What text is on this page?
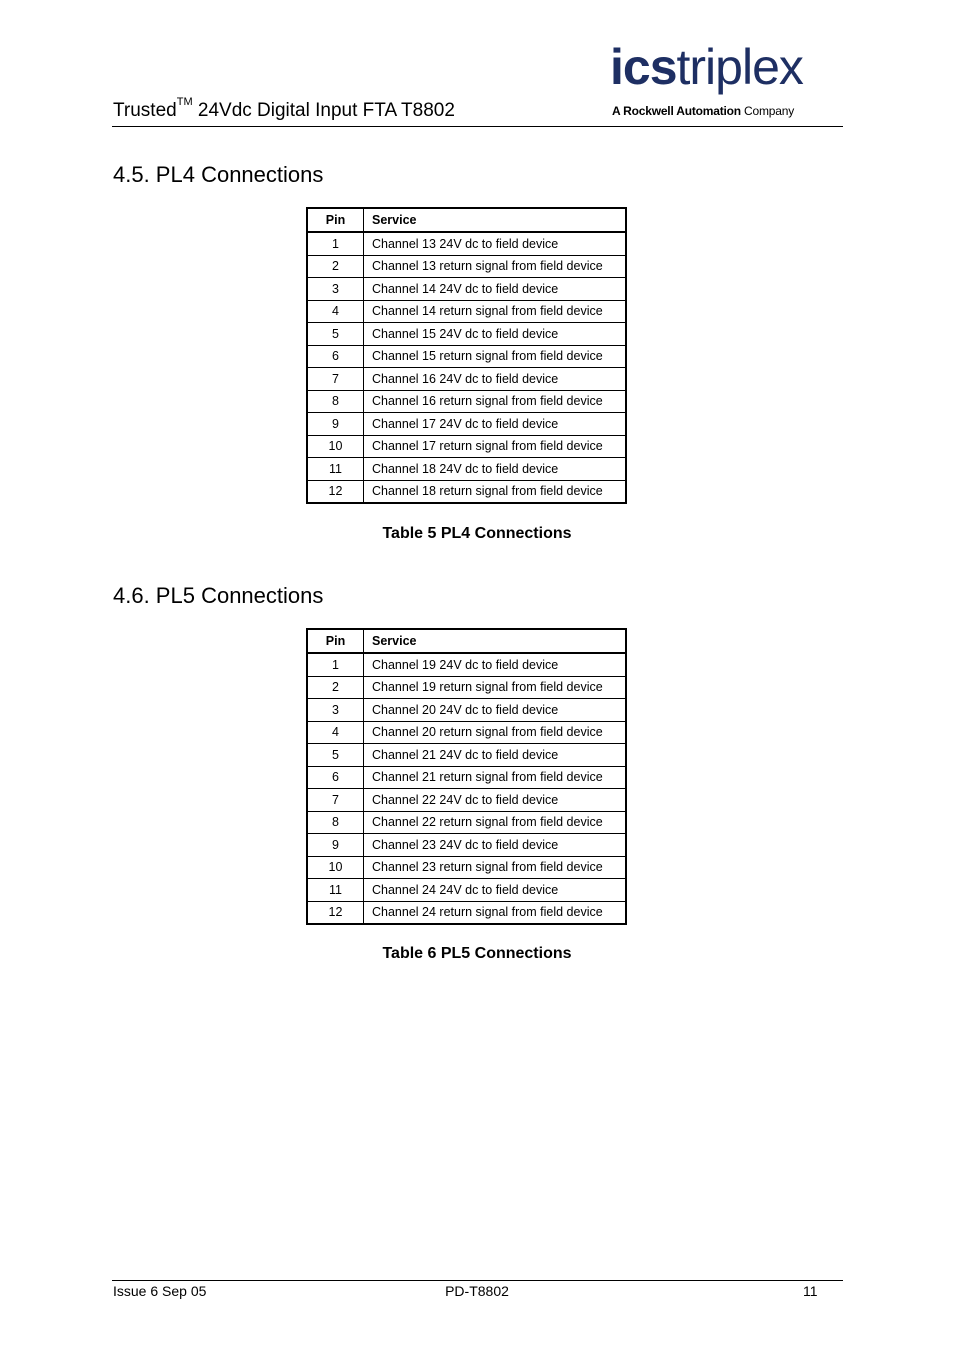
Trusted™ 24Vdc Digital Input FTA T8802
icstriplex
A Rockwell Automation Company
4.5. PL4 Connections
Pin	Service
1	Channel 13 24V dc to field device
2	Channel 13 return signal from field device
3	Channel 14 24V dc to field device
4	Channel 14 return signal from field device
5	Channel 15 24V dc to field device
6	Channel 15 return signal from field device
7	Channel 16 24V dc to field device
8	Channel 16 return signal from field device
9	Channel 17 24V dc to field device
10	Channel 17 return signal from field device
11	Channel 18 24V dc to field device
12	Channel 18 return signal from field device
Table 5 PL4 Connections
4.6. PL5 Connections
Pin	Service
1	Channel 19 24V dc to field device
2	Channel 19 return signal from field device
3	Channel 20 24V dc to field device
4	Channel 20 return signal from field device
5	Channel 21 24V dc to field device
6	Channel 21 return signal from field device
7	Channel 22 24V dc to field device
8	Channel 22 return signal from field device
9	Channel 23 24V dc to field device
10	Channel 23 return signal from field device
11	Channel 24 24V dc to field device
12	Channel 24 return signal from field device
Table 6 PL5 Connections
Issue 6 Sep 05	PD-T8802	11
